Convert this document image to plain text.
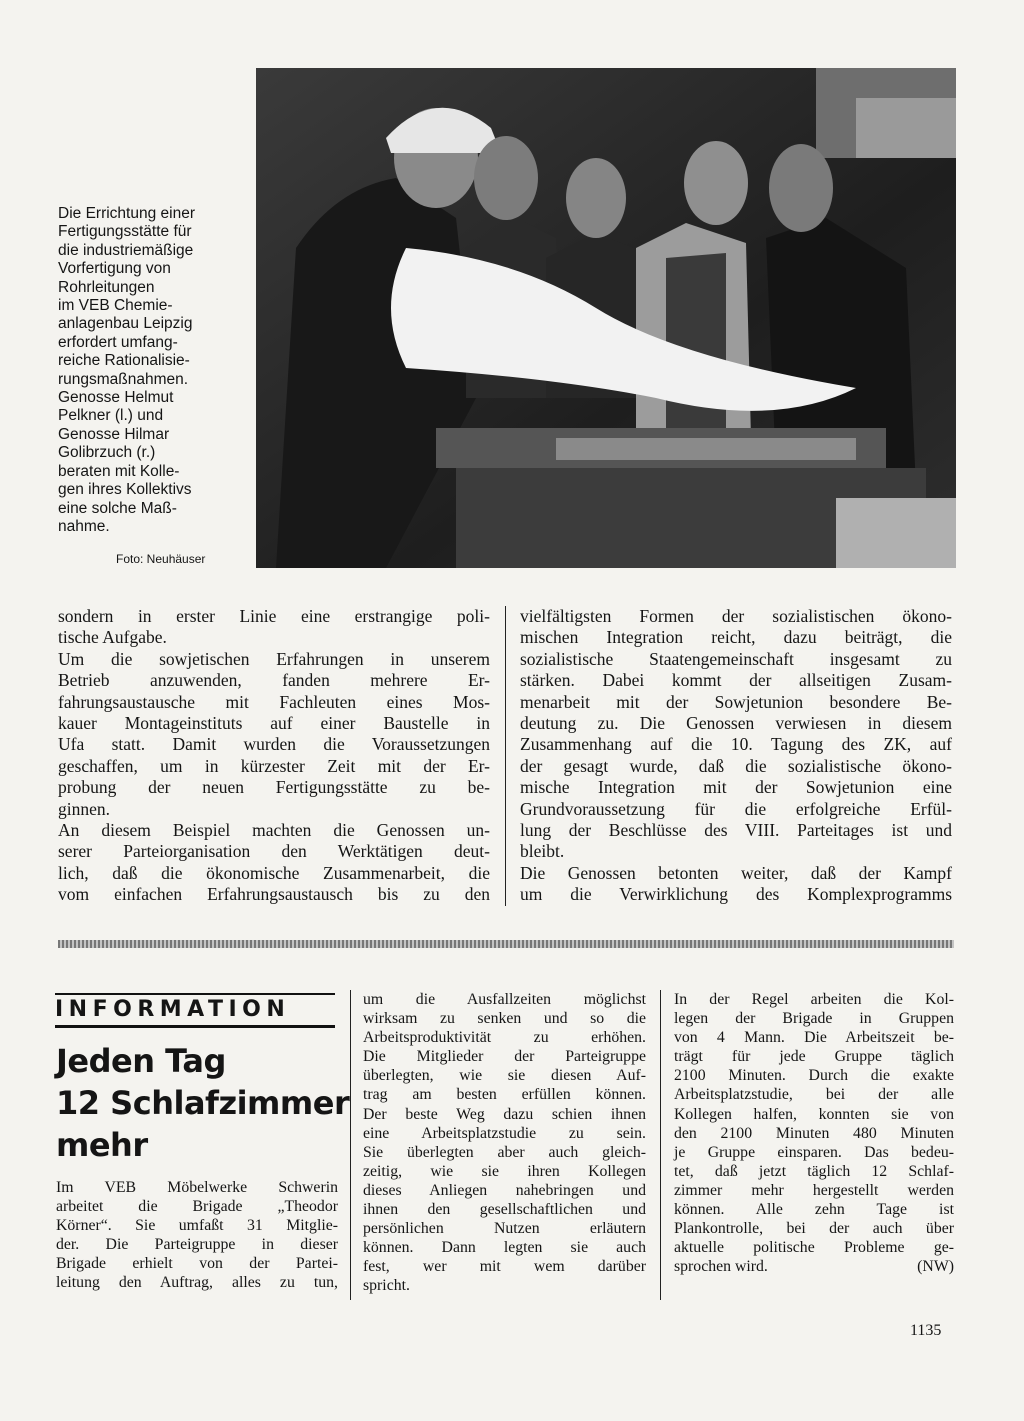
Die Errichtung einer
Fertigungsstätte für
die industriemäßige
Vorfertigung von
Rohrleitungen
im VEB Chemie-
anlagenbau Leipzig
erfordert umfang-
reiche Rationalisie-
rungsmaßnahmen.
Genosse Helmut
Pelkner (l.) und
Genosse Hilmar
Golibrzuch (r.)
beraten mit Kolle-
gen ihres Kollektivs
eine solche Maß-
nahme.
Foto: Neuhäuser
sondern in erster Linie eine erstrangige poli-
tische Aufgabe.
Um die sowjetischen Erfahrungen in unserem
Betrieb anzuwenden, fanden mehrere Er-
fahrungsaustausche mit Fachleuten eines Mos-
kauer Montageinstituts auf einer Baustelle in
Ufa statt. Damit wurden die Voraussetzungen
geschaffen, um in kürzester Zeit mit der Er-
probung der neuen Fertigungsstätte zu be-
ginnen.
An diesem Beispiel machten die Genossen un-
serer Parteiorganisation den Werktätigen deut-
lich, daß die ökonomische Zusammenarbeit, die
vom einfachen Erfahrungsaustausch bis zu den
vielfältigsten Formen der sozialistischen ökono-
mischen Integration reicht, dazu beiträgt, die
sozialistische Staatengemeinschaft insgesamt zu
stärken. Dabei kommt der allseitigen Zusam-
menarbeit mit der Sowjetunion besondere Be-
deutung zu. Die Genossen verwiesen in diesem
Zusammenhang auf die 10. Tagung des ZK, auf
der gesagt wurde, daß die sozialistische ökono-
mische Integration mit der Sowjetunion eine
Grundvoraussetzung für die erfolgreiche Erfül-
lung der Beschlüsse des VIII. Parteitages ist und
bleibt.
Die Genossen betonten weiter, daß der Kampf
um die Verwirklichung des Komplexprogramms
INFORMATION
Jeden Tag
12 Schlafzimmer
mehr
Im VEB Möbelwerke Schwerin
arbeitet die Brigade „Theodor
Körner“. Sie umfaßt 31 Mitglie-
der. Die Parteigruppe in dieser
Brigade erhielt von der Partei-
leitung den Auftrag, alles zu tun,
um die Ausfallzeiten möglichst
wirksam zu senken und so die
Arbeitsproduktivität zu erhöhen.
Die Mitglieder der Parteigruppe
überlegten, wie sie diesen Auf-
trag am besten erfüllen können.
Der beste Weg dazu schien ihnen
eine Arbeitsplatzstudie zu sein.
Sie überlegten aber auch gleich-
zeitig, wie sie ihren Kollegen
dieses Anliegen nahebringen und
ihnen den gesellschaftlichen und
persönlichen Nutzen erläutern
können. Dann legten sie auch
fest, wer mit wem darüber
spricht.
In der Regel arbeiten die Kol-
legen der Brigade in Gruppen
von 4 Mann. Die Arbeitszeit be-
trägt für jede Gruppe täglich
2100 Minuten. Durch die exakte
Arbeitsplatzstudie, bei der alle
Kollegen halfen, konnten sie von
den 2100 Minuten 480 Minuten
je Gruppe einsparen. Das bedeu-
tet, daß jetzt täglich 12 Schlaf-
zimmer mehr hergestellt werden
können. Alle zehn Tage ist
Plankontrolle, bei der auch über
aktuelle politische Probleme ge-
sprochen wird.	(NW)
1135
